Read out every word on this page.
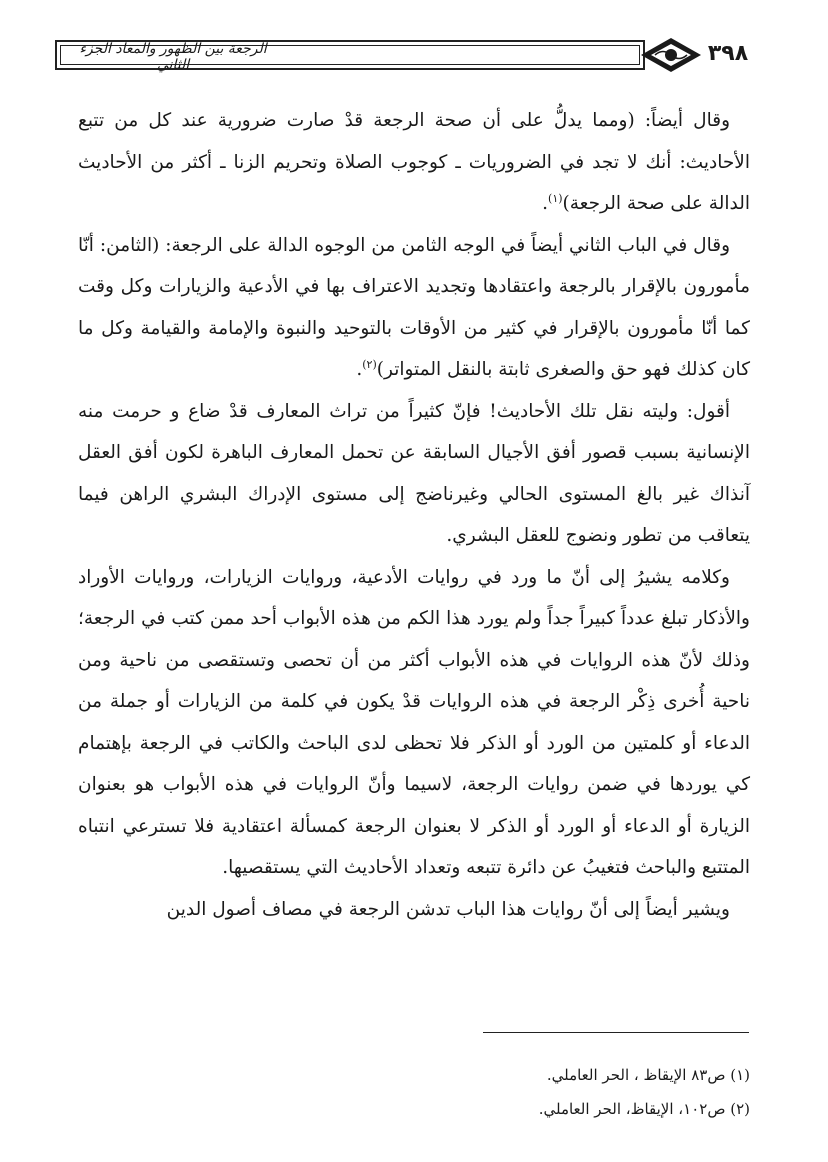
الرجعة بين الظهور والمعاد الجزء الثاني	٣٩٨

وقال أيضاً: (ومما يدلُّ على أن صحة الرجعة قدْ صارت ضرورية عند كل من تتبع الأحاديث: أنك لا تجد في الضروريات ـ كوجوب الصلاة وتحريم الزنا ـ أكثر من الأحاديث الدالة على صحة الرجعة)$^{(١)}$.

وقال في الباب الثاني أيضاً في الوجه الثامن من الوجوه الدالة على الرجعة: (الثامن: أنّا مأمورون بالإقرار بالرجعة واعتقادها وتجديد الاعتراف بها في الأدعية والزيارات وكل وقت كما أنّا مأمورون بالإقرار في كثير من الأوقات بالتوحيد والنبوة والإمامة والقيامة وكل ما كان كذلك فهو حق والصغرى ثابتة بالنقل المتواتر)$^{(٢)}$.

أقول: وليته نقل تلك الأحاديث! فإنّ كثيراً من تراث المعارف قدْ ضاع و حرمت منه الإنسانية بسبب قصور أفق الأجيال السابقة عن تحمل المعارف الباهرة لكون أفق العقل آنذاك غير بالغ المستوى الحالي وغيرناضج إلى مستوى الإدراك البشري الراهن فيما يتعاقب من تطور ونضوج للعقل البشري.

وكلامه يشيرُ إلى أنّ ما ورد في روايات الأدعية، وروايات الزيارات، وروايات الأوراد والأذكار تبلغ عدداً كبيراً جداً ولم يورد هذا الكم من هذه الأبواب أحد ممن كتب في الرجعة؛ وذلك لأنّ هذه الروايات في هذه الأبواب أكثر من أن تحصى وتستقصى من ناحية ومن ناحية أُخرى ذِكْر الرجعة في هذه الروايات قدْ يكون في كلمة من الزيارات أو جملة من الدعاء أو كلمتين من الورد أو الذكر فلا تحظى لدى الباحث والكاتب في الرجعة بإهتمام كي يوردها في ضمن روايات الرجعة، لاسيما وأنّ الروايات في هذه الأبواب هو بعنوان الزيارة أو الدعاء أو الورد أو الذكر لا بعنوان الرجعة كمسألة اعتقادية فلا تسترعي انتباه المتتبع والباحث فتغيبُ عن دائرة تتبعه وتعداد الأحاديث التي يستقصيها.

ويشير أيضاً إلى أنّ روايات هذا الباب تدشن الرجعة في مصاف أصول الدين

(١) ص٨٣ الإيقاظ ، الحر العاملي.
(٢) ص١٠٢، الإيقاظ، الحر العاملي.
